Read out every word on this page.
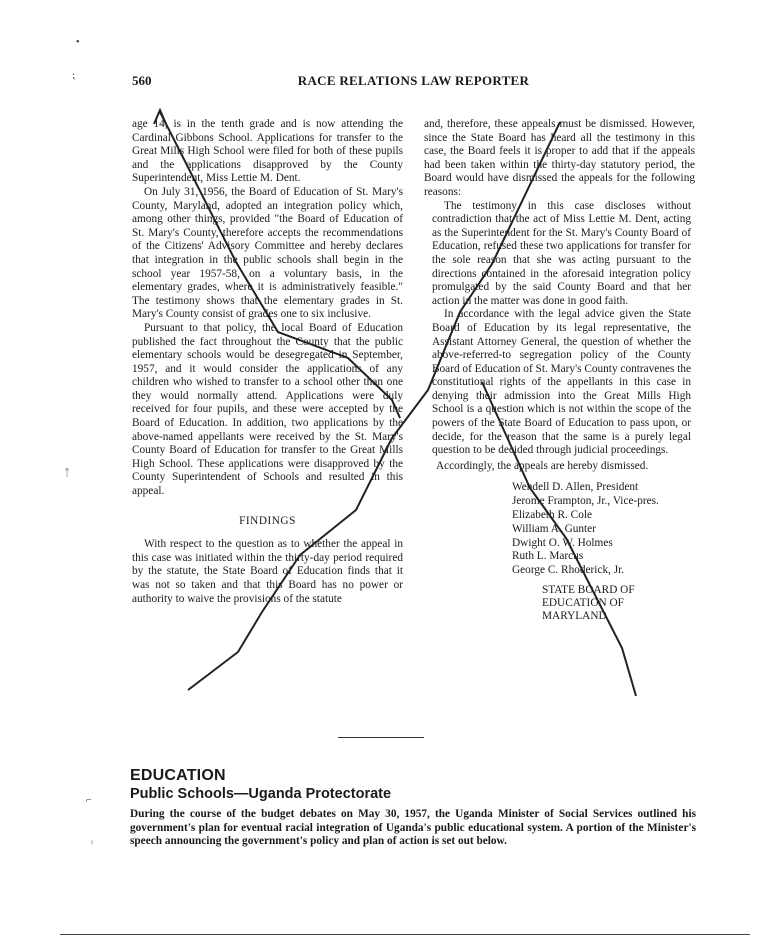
•
⁏
ᛏ
⌐
ᛧ
560	RACE RELATIONS LAW REPORTER

age 14, is in the tenth grade and is now attending the Cardinal Gibbons School. Applications for transfer to the Great Mills High School were filed for both of these pupils and the applications disapproved by the County Superintendent, Miss Lettie M. Dent.

On July 31, 1956, the Board of Education of St. Mary's County, Maryland, adopted an integration policy which, among other things, provided "the Board of Education of St. Mary's County, therefore accepts the recommendations of the Citizens' Advisory Committee and hereby declares that integration in the public schools shall begin in the school year 1957-58, on a voluntary basis, in the elementary grades, where it is administratively feasible." The testimony shows that the elementary grades in St. Mary's County consist of grades one to six inclusive.

Pursuant to that policy, the local Board of Education published the fact throughout the County that the public elementary schools would be desegregated in September, 1957, and it would consider the applications of any children who wished to transfer to a school other than one they would normally attend. Applications were duly received for four pupils, and these were accepted by the Board of Education. In addition, two applications by the above-named appellants were received by the St. Mary's County Board of Education for transfer to the Great Mills High School. These applications were disapproved by the County Superintendent of Schools and resulted in this appeal.

FINDINGS

With respect to the question as to whether the appeal in this case was initiated within the thirty-day period required by the statute, the State Board of Education finds that it was not so taken and that this Board has no power or authority to waive the provisions of the statute

and, therefore, these appeals must be dismissed. However, since the State Board has heard all the testimony in this case, the Board feels it is proper to add that if the appeals had been taken within the thirty-day statutory period, the Board would have dismissed the appeals for the following reasons:

The testimony in this case discloses without contradiction that the act of Miss Lettie M. Dent, acting as the Superintendent for the St. Mary's County Board of Education, refused these two applications for transfer for the sole reason that she was acting pursuant to the directions contained in the aforesaid integration policy promulgated by the said County Board and that her action in the matter was done in good faith.

In accordance with the legal advice given the State Board of Education by its legal representative, the Assistant Attorney General, the question of whether the above-referred-to segregation policy of the County Board of Education of St. Mary's County contravenes the constitutional rights of the appellants in this case in denying their admission into the Great Mills High School is a question which is not within the scope of the powers of the State Board of Education to pass upon, or decide, for the reason that the same is a purely legal question to be decided through judicial proceedings.

Accordingly, the appeals are hereby dismissed.

Wendell D. Allen, President
Jerome Frampton, Jr., Vice-pres.
Elizabeth R. Cole
William A. Gunter
Dwight O. W. Holmes
Ruth L. Marcus
George C. Rhoderick, Jr.
STATE BOARD OF
EDUCATION OF
MARYLAND
EDUCATION
Public Schools—Uganda Protectorate
During the course of the budget debates on May 30, 1957, the Uganda Minister of Social Services outlined his government's plan for eventual racial integration of Uganda's public educational system. A portion of the Minister's speech announcing the government's policy and plan of action is set out below.
